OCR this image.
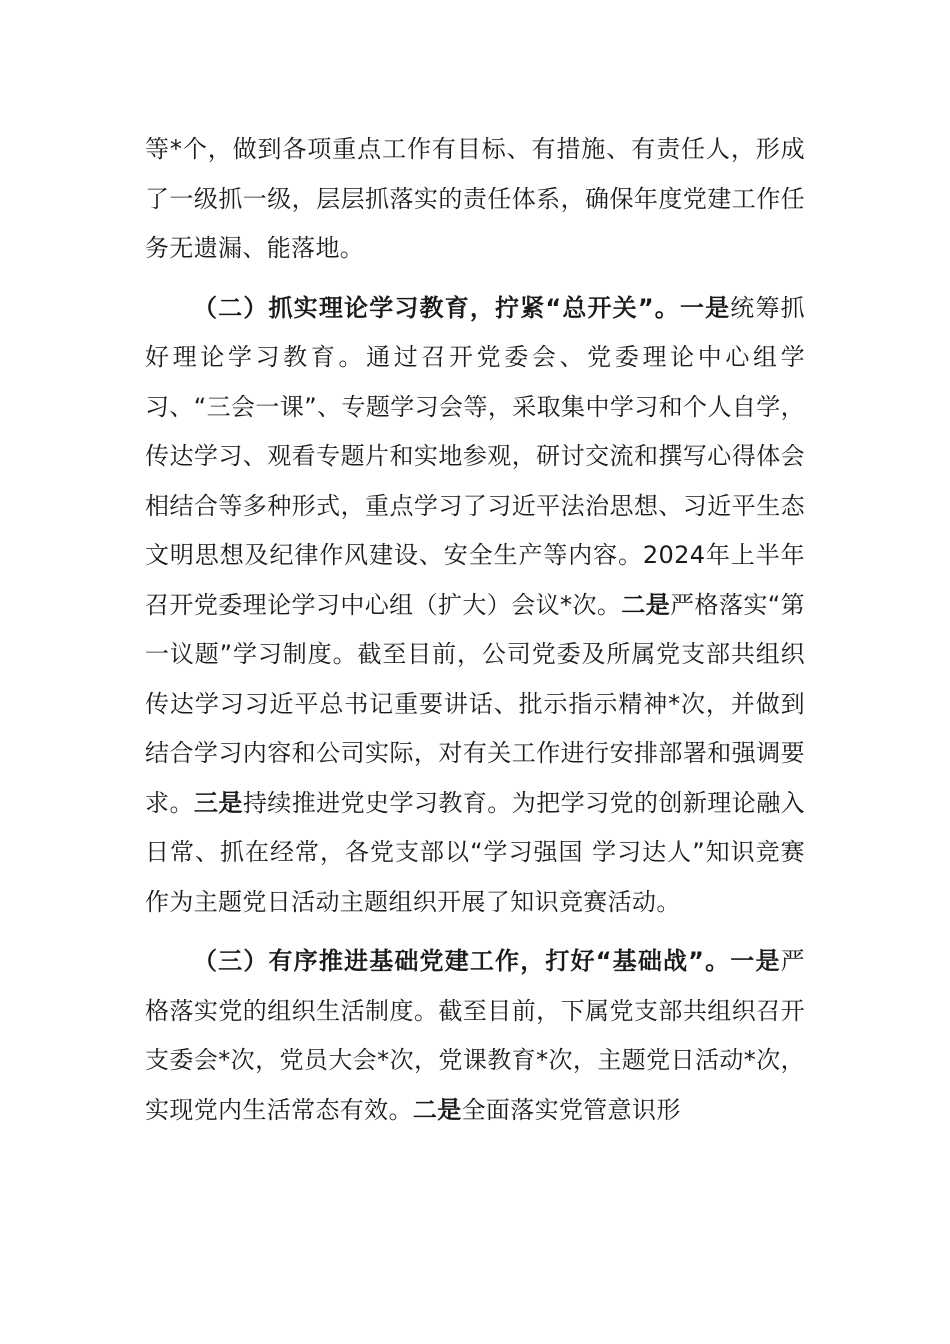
等*个，做到各项重点工作有目标、有措施、有责任人，形成了一级抓一级，层层抓落实的责任体系，确保年度党建工作任务无遗漏、能落地。

（二）抓实理论学习教育，拧紧“总开关”。一是统筹抓好理论学习教育。通过召开党委会、党委理论中心组学习、“三会一课”、专题学习会等，采取集中学习和个人自学，传达学习、观看专题片和实地参观，研讨交流和撰写心得体会相结合等多种形式，重点学习了习近平法治思想、习近平生态文明思想及纪律作风建设、安全生产等内容。2024年上半年召开党委理论学习中心组（扩大）会议*次。二是严格落实“第一议题”学习制度。截至目前，公司党委及所属党支部共组织传达学习习近平总书记重要讲话、批示指示精神*次，并做到结合学习内容和公司实际，对有关工作进行安排部署和强调要求。三是持续推进党史学习教育。为把学习党的创新理论融入日常、抓在经常，各党支部以“学习强国 学习达人”知识竞赛作为主题党日活动主题组织开展了知识竞赛活动。

（三）有序推进基础党建工作，打好“基础战”。一是严格落实党的组织生活制度。截至目前，下属党支部共组织召开支委会*次，党员大会*次，党课教育*次，主题党日活动*次，实现党内生活常态有效。二是全面落实党管意识形
